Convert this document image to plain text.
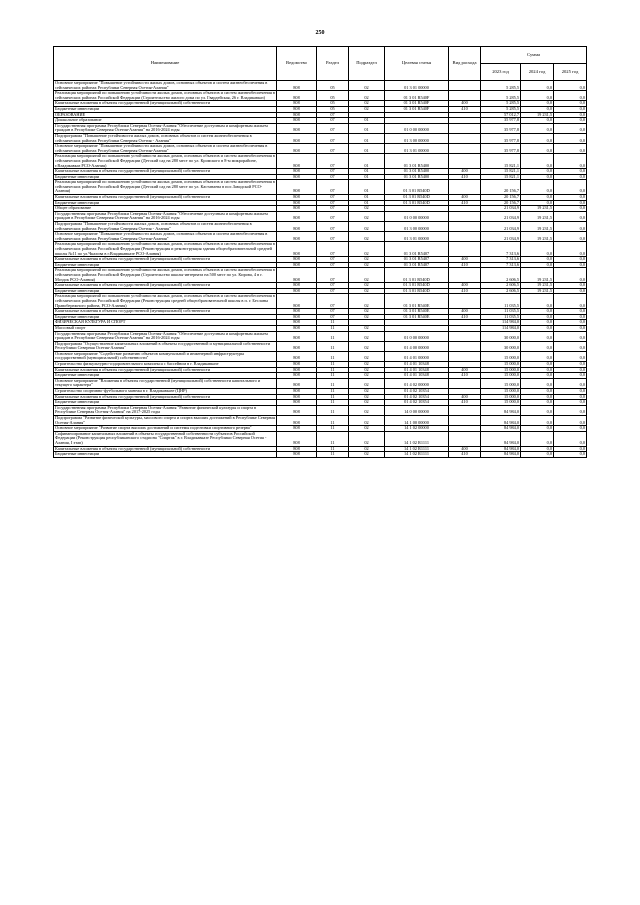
250
Наименование	Ведомство	Раздел	Подраздел	Целевая статья	Вид расхода	Сумма		
						2023 год	2024 год	2025 год
Основное мероприятие "Повышение устойчивости жилых домов, основных объектов и систем жизнеобеспечения в сейсмических районах Республики Северная Осетия-Алания"	808	05	02	01 3 01 00000		5 285,5	0,0	0,0
Реализация мероприятий по повышению устойчивости жилых домов, основных объектов и систем жизнеобеспечения в сейсмических районах Российской Федерации (Строительство жилого дома по ул. Гвардейская, 26 г. Владикавказ)	808	05	02	01 3 01 R540F		5 285,5	0,0	0,0
Капитальные вложения в объекты государственной (муниципальной) собственности	808	05	02	01 3 01 R540F	400	5 285,5	0,0	0,0
Бюджетные инвестиции	808	05	02	01 3 01 R540F	410	5 285,5	0,0	0,0
ОБРАЗОВАНИЕ	808	07				57 012,7	19 231,5	0,0
Дошкольное образование	808	07	01			35 977,8	0,0	0,0
Государственная программа Республики Северная Осетия-Алания "Обеспечение доступным и комфортным жильем граждан в Республике Северная Осетия-Алания" на 2016-2024 годы	808	07	01	01 0 00 00000		35 977,8	0,0	0,0
Подпрограмма "Повышение устойчивости жилых домов, основных объектов и систем жизнеобеспечения в сейсмических районах Республики Северная Осетия - Алания"	808	07	01	01 3 00 00000		35 977,8	0,0	0,0
Основное мероприятие "Повышение устойчивости жилых домов, основных объектов и систем жизнеобеспечения в сейсмических районах Республики Северная Осетия-Алания"	808	07	01	01 3 01 00000		35 977,8	0,0	0,0
Реализация мероприятий по повышению устойчивости жилых домов, основных объектов и систем жизнеобеспечения в сейсмических районах Российской Федерации (Детский сад на 280 мест по ул. Кромского в 8-м микрорайоне, г.Владикавказ РСО-Алания)	808	07	01	01 3 01 R5400		15 821,1	0,0	0,0
Капитальные вложения в объекты государственной (муниципальной) собственности	808	07	01	01 3 01 R5400	400	15 821,1	0,0	0,0
Бюджетные инвестиции	808	07	01	01 3 01 R5400	410	15 821,1	0,0	0,0
Реализация мероприятий по повышению устойчивости жилых домов, основных объектов и систем жизнеобеспечения в сейсмических районах Российской Федерации (Детский сад на 280 мест по ул. Кастанаева в пос.Заводской РСО-Алания)	808	07	01	01 3 01 R540D		20 156,7	0,0	0,0
Капитальные вложения в объекты государственной (муниципальной) собственности	808	07	01	01 3 01 R540D	400	20 156,7	0,0	0,0
Бюджетные инвестиции	808	07	01	01 3 01 R540D	410	20 156,7	0,0	0,0
Общее образование	808	07	02			21 034,9	19 231,5	0,0
Государственная программа Республики Северная Осетия-Алания "Обеспечение доступным и комфортным жильем граждан в Республике Северная Осетия-Алания" на 2016-2024 годы	808	07	02	01 0 00 00000		21 034,9	19 231,5	0,0
Подпрограмма "Повышение устойчивости жилых домов, основных объектов и систем жизнеобеспечения в сейсмических районах Республики Северная Осетия - Алания"	808	07	02	01 3 00 00000		21 034,9	19 231,5	0,0
Основное мероприятие "Повышение устойчивости жилых домов, основных объектов и систем жизнеобеспечения в сейсмических районах Республики Северная Осетия-Алания"	808	07	02	01 3 01 00000		21 034,9	19 231,5	0,0
Реализация мероприятий по повышению устойчивости жилых домов, основных объектов и систем жизнеобеспечения в сейсмических районах Российской Федерации (Реконструкция и реконструкция здания общеобразовательной средней школы №11 по ул.Чкалова в г.Владикавказе РСО-Алания)	808	07	02	01 3 01 R5407		7 313,6	0,0	0,0
Капитальные вложения в объекты государственной (муниципальной) собственности	808	07	02	01 3 01 R5407	400	7 313,6	0,0	0,0
Бюджетные инвестиции	808	07	02	01 3 01 R5407	410	7 313,6	0,0	0,0
Реализация мероприятий по повышению устойчивости жилых домов, основных объектов и систем жизнеобеспечения в сейсмических районах Российской Федерации (Строительство школы-интерната на 500 мест по ул. Кирова, 4 в г. Моздок РСО-Алания)	808	07	02	01 3 01 R540D		2 606,5	19 231,5	0,0
Капитальные вложения в объекты государственной (муниципальной) собственности	808	07	02	01 3 01 R540D	400	2 606,5	19 231,5	0,0
Бюджетные инвестиции	808	07	02	01 3 01 R540D	410	2 606,5	19 231,5	0,0
Реализация мероприятий по повышению устойчивости жилых домов, основных объектов и систем жизнеобеспечения в сейсмических районах Российской Федерации (Реконструкция средней общеобразовательной школы в п. г. Бесланы Правобережного района, РСО-Алания)	808	07	02	01 3 01 R540E		11 035,5	0,0	0,0
Капитальные вложения в объекты государственной (муниципальной) собственности	808	07	02	01 3 01 R540E	400	11 035,5	0,0	0,0
Бюджетные инвестиции	808	07	02	01 3 01 R540E	410	11 035,5	0,0	0,0
ФИЗИЧЕСКАЯ КУЛЬТУРА И СПОРТ	808	11				114 984,0	0,0	0,0
Массовый спорт	808	11	02			114 984,0	0,0	0,0
Государственная программа Республики Северная Осетия-Алания "Обеспечение доступным и комфортным жильем граждан в Республике Северная Осетия-Алания" на 2016-2024 годы	808	11	02	01 0 00 00000		30 000,0	0,0	0,0
Подпрограмма "Осуществление капитальных вложений в объекты государственной и муниципальной собственности Республики Северная Осетия-Алания"	808	11	02	01 4 00 00000		30 000,0	0,0	0,0
Основное мероприятие "Содействие развитию объектов коммунальной и инженерной инфраструктуры государственной (муниципальной) собственности"	808	11	02	01 4 01 00000		15 000,0	0,0	0,0
Строительство физкультурно-оздоровительного комплекса с бассейном в г. Владикавказе	808	11	02	01 4 01 10348		15 000,0	0,0	0,0
Капитальные вложения в объекты государственной (муниципальной) собственности	808	11	02	01 4 01 10348	400	15 000,0	0,0	0,0
Бюджетные инвестиции	808	11	02	01 4 01 10348	410	15 000,0	0,0	0,0
Основное мероприятие "Вложения в объекты государственной (муниципальной) собственности капитального и текущего характера"	808	11	02	01 4 02 00000		15 000,0	0,0	0,0
Строительство спортивно-футбольного манежа в г. Владикавказе (ЦНР)	808	11	02	01 4 02 10354		15 000,0	0,0	0,0
Капитальные вложения в объекты государственной (муниципальной) собственности	808	11	02	01 4 02 10354	400	15 000,0	0,0	0,0
Бюджетные инвестиции	808	11	02	01 4 02 10354	410	15 000,0	0,0	0,0
Государственная программа Республики Северная Осетия-Алания "Развитие физической культуры и спорта в Республике Северная Осетия-Алания" на 2017-2025 годы	808	11	02	14 0 00 00000		84 984,0	0,0	0,0
Подпрограмма "Развитие физической культуры, массового спорта и спорта высших достижений в Республике Северная Осетия-Алания"	808	11	02	14 1 00 00000		84 984,0	0,0	0,0
Основное мероприятие "Развитие спорта высших достижений и системы подготовки спортивного резерва"	808	11	02	14 1 02 00000		84 984,0	0,0	0,0
Софинансирование капитальных вложений в объекты государственной собственности субъектов Российской Федерации (Реконструкция республиканского стадиона "Спартак" в г. Владикавказе Республики Северная Осетия - Алания, I этап)	808	11	02	14 1 02 R1111		84 984,0	0,0	0,0
Капитальные вложения в объекты государственной (муниципальной) собственности	808	11	02	14 1 02 R1111	400	84 984,0	0,0	0,0
Бюджетные инвестиции	808	11	02	14 1 02 R1111	410	84 984,0	0,0	0,0
